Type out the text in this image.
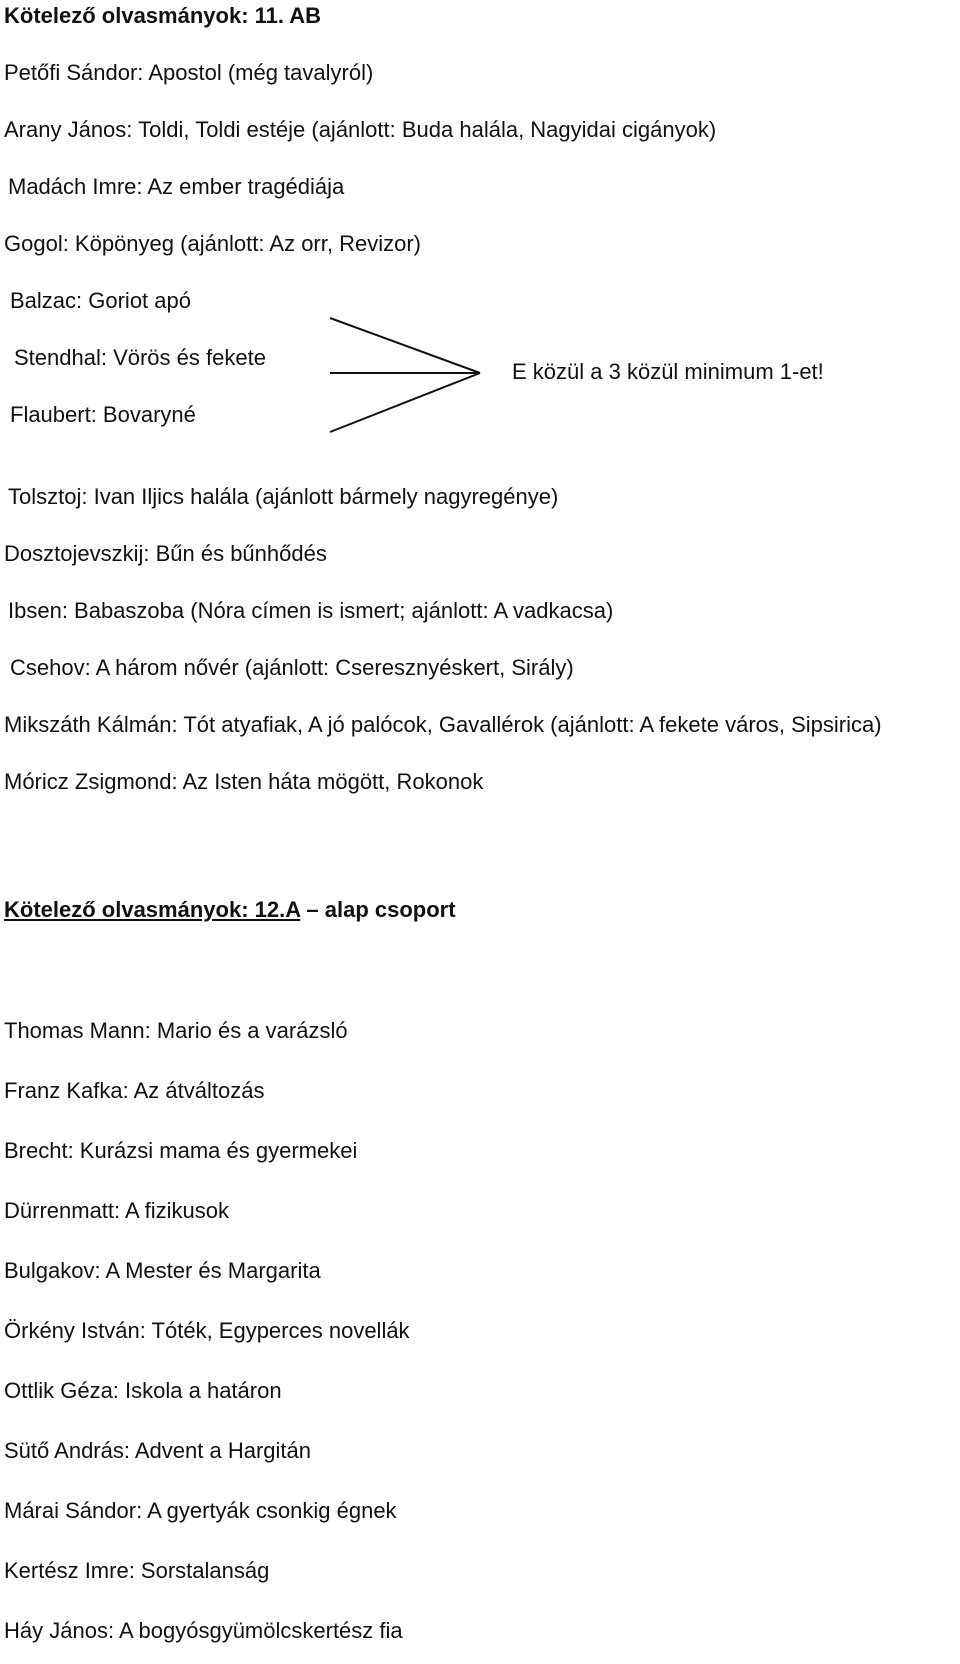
Kötelező olvasmányok: 11. AB
Petőfi Sándor: Apostol (még tavalyról)
Arany János: Toldi, Toldi estéje (ajánlott: Buda halála, Nagyidai cigányok)
Madách Imre: Az ember tragédiája
Gogol: Köpönyeg (ajánlott: Az orr, Revizor)
Balzac: Goriot apó
Stendhal: Vörös és fekete
Flaubert: Bovaryné
E közül a 3 közül minimum 1-et!
Tolsztoj: Ivan Iljics halála (ajánlott bármely nagyregénye)
Dosztojevszkij: Bűn és bűnhődés
Ibsen: Babaszoba (Nóra címen is ismert; ajánlott: A vadkacsa)
Csehov: A három nővér (ajánlott: Cseresznyéskert, Sirály)
Mikszáth Kálmán: Tót atyafiak, A jó palócok, Gavallérok (ajánlott: A fekete város, Sipsirica)
Móricz Zsigmond: Az Isten háta mögött, Rokonok
Kötelező olvasmányok: 12.A – alap csoport
Thomas Mann: Mario és a varázsló
Franz Kafka: Az átváltozás
Brecht: Kurázsi mama és gyermekei
Dürrenmatt: A fizikusok
Bulgakov: A Mester és Margarita
Örkény István: Tóték, Egyperces novellák
Ottlik Géza: Iskola a határon
Sütő András: Advent a Hargitán
Márai Sándor: A gyertyák csonkig égnek
Kertész Imre: Sorstalanság
Háy János: A bogyósgyümölcskertész fia
